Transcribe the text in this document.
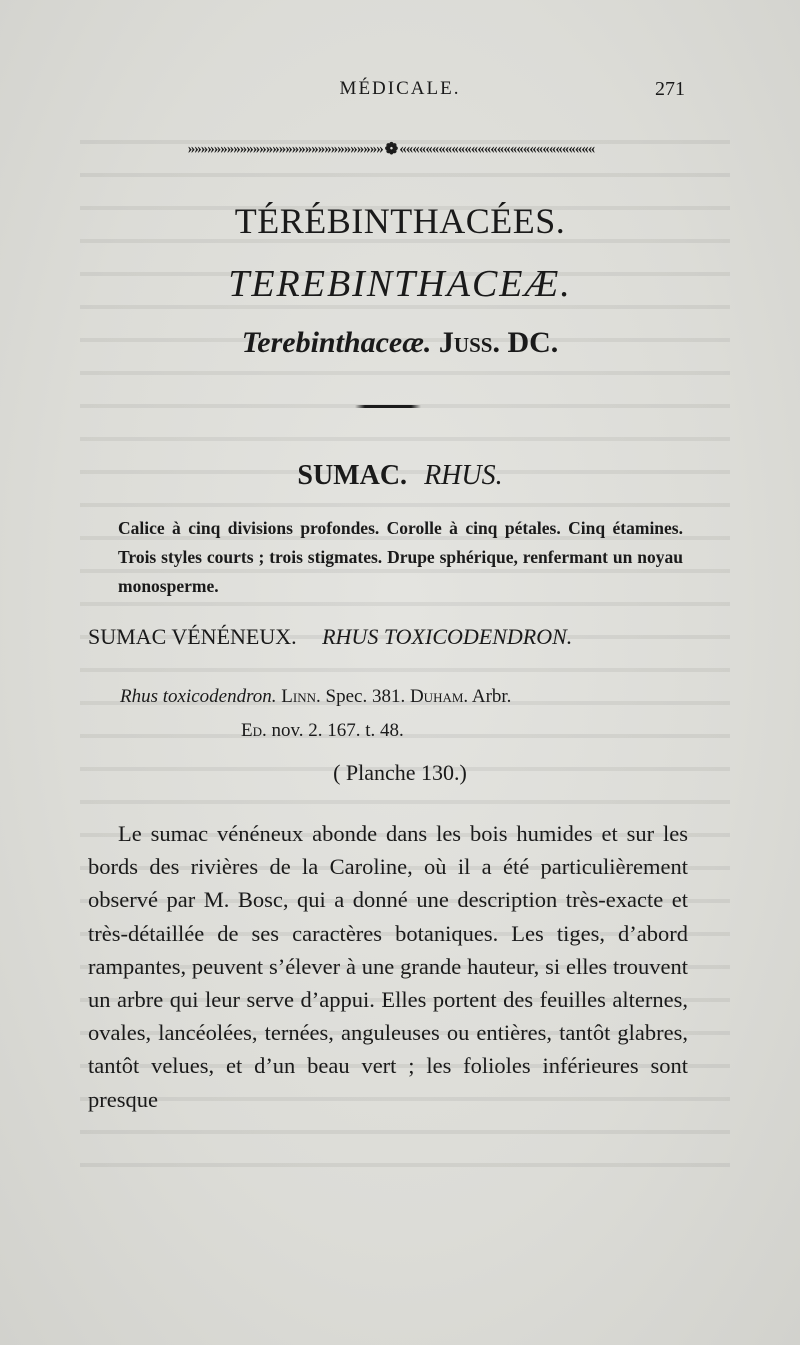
MÉDICALE.	271
»»»»»»»»»»»»»»»»»»»»»»»»»»»»»» ❁ ««««««««««««««««««««««««««««««
TÉRÉBINTHACÉES.
TEREBINTHACEÆ.
Terebinthaceæ. Juss. DC.
SUMAC. RHUS.
Calice à cinq divisions profondes. Corolle à cinq pétales. Cinq étamines. Trois styles courts ; trois stigmates. Drupe sphérique, renfermant un noyau monosperme.
SUMAC VÉNÉNEUX. RHUS TOXICODENDRON.
Rhus toxicodendron. Linn. Spec. 381. Duham. Arbr.
Ed. nov. 2. 167. t. 48.
( Planche 130.)

Le sumac vénéneux abonde dans les bois humides et sur les bords des rivières de la Caroline, où il a été particulièrement observé par M. Bosc, qui a donné une description très-exacte et très-détaillée de ses caractères botaniques. Les tiges, d’abord rampantes, peuvent s’élever à une grande hauteur, si elles trouvent un arbre qui leur serve d’appui. Elles portent des feuilles alternes, ovales, lancéolées, ternées, anguleuses ou entières, tantôt glabres, tantôt velues, et d’un beau vert ; les folioles inférieures sont presque
